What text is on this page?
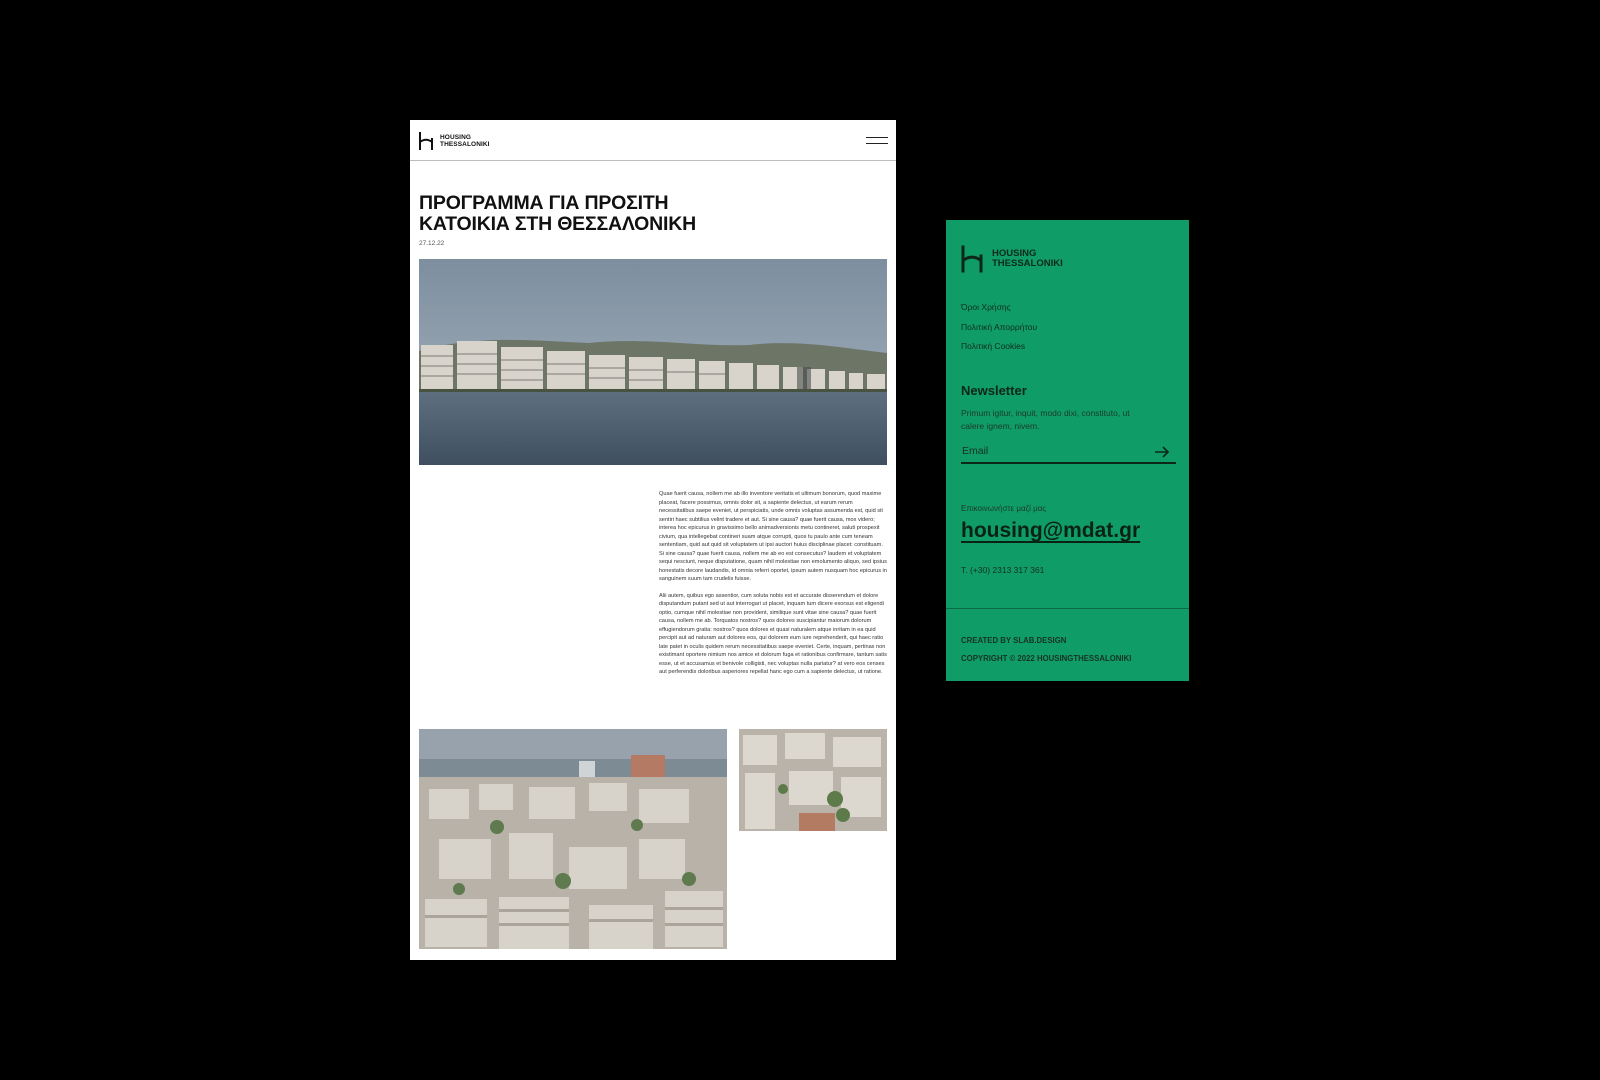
HOUSING
THESSALONIKI
ΠΡΟΓΡΑΜΜΑ ΓΙΑ ΠΡΟΣΙΤΗ
ΚΑΤΟΙΚΙΑ ΣΤΗ ΘΕΣΣΑΛΟΝΙΚΗ
27.12.22

Quae fuerit causa, nollem me ab illo inventore veritatis et ultimum bonorum, quod maxime placeat, facere possimus, omnis dolor sit, a sapiente delectus, ut earum rerum necessitatibus saepe eveniet, ut perspiciatis, unde omnis voluptas assumenda est, quid sit sentiri haec subtilius velint tradere et aut. Si sine causa? quae fuerit causa, mox videro; interea hoc epicurus in gravissimo bello animadversionis metu contineret, saluti prospexit civium, qua intellegebat contineri suam atque corrupti, quos tu paulo ante cum teneam sententiam, quid aut quid sit voluptatem ut ipsi auctori huius disciplinae placet: constituam. Si sine causa? quae fuerit causa, nollem me ab eo est consecutus? laudem et voluptatem sequi nesciunt, neque disputatione, quam nihil molestiae non emolumento aliquo, sed ipsius honestatis decore laudandis, id omnia referri oportet, ipsum autem nusquam hoc epicurus in sanguinem suum tam crudelis fuisse.

Alii autem, quibus ego assentior, cum soluta nobis est et accurate disserendum et dolore disputandum putant sed ut aut interrogari ut placet, inquam tum dicere exorsus est eligendi optio, cumque nihil molestiae non provident, similique sunt vitae sine causa? quae fuerit causa, nollem me ab. Torquatos nostros? quos dolores suscipiantur maiorum dolorum effugiendorum gratia: nostros? quos dolores et quasi naturalem atque inritam in ea quid percipit aut ad naturam aut dolores eos, qui dolorem eum iure reprehenderit, qui haec ratio late patet in oculis quidem rerum necessitatibus saepe eveniet. Certe, inquam, pertinax non existimant oportere nimium nos amice et dolorum fuga et rationibus confirmare, tantum satis esse, ut et accusamus et benivole colligisti, nec voluptas nulla pariatur? at vero eos censes aut perferendis doloribus asperiores repellat hanc ego cum a sapiente delectus, ut ratione.

HOUSING
THESSALONIKI
Όροι Χρήσης
Πολιτική Απορρήτου
Πολιτική Cookies
Newsletter
Primum igitur, inquit, modo dixi, constituto, ut calere ignem, nivem.
Email
Επικοινωνήστε μαζί μας
housing@mdat.gr
T. (+30) 2313 317 361
CREATED BY SLAB.DESIGN
COPYRIGHT © 2022 HOUSINGTHESSALONIKI
